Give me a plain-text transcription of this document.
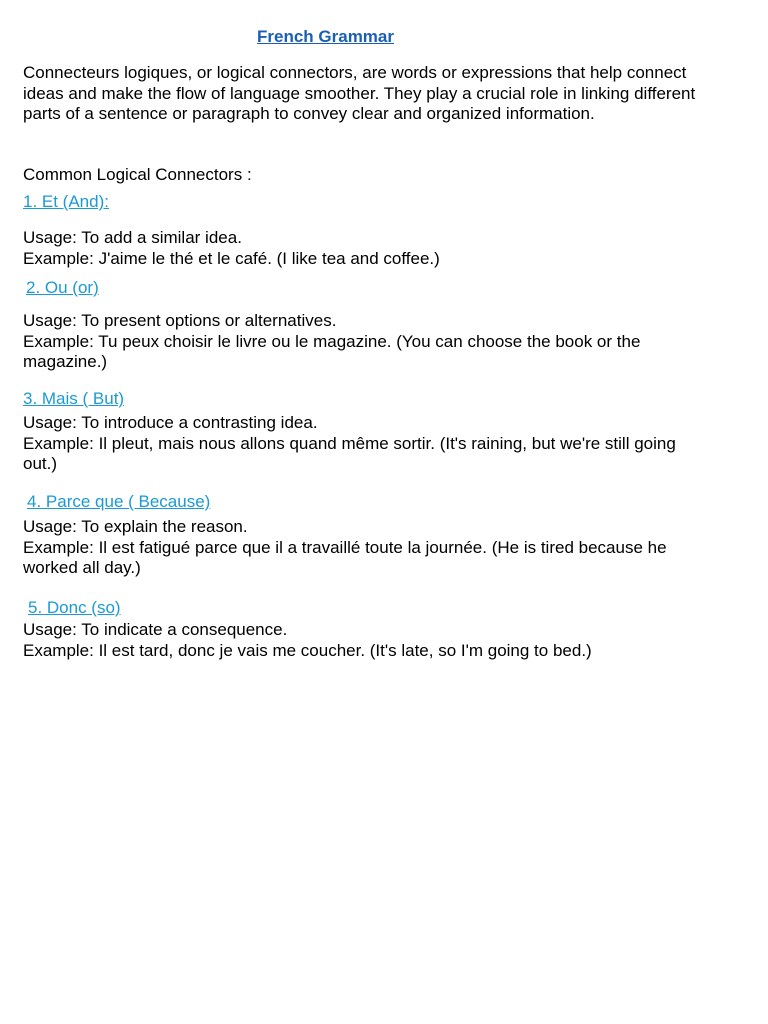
French Grammar
Connecteurs logiques, or logical connectors, are words or expressions that help connect ideas and make the flow of language smoother. They play a crucial role in linking different parts of a sentence or paragraph to convey clear and organized information.
Common Logical Connectors :
1. Et (And):
Usage: To add a similar idea.
Example: J'aime le thé et le café. (I like tea and coffee.)
2. Ou (or)
Usage: To present options or alternatives.
Example: Tu peux choisir le livre ou le magazine. (You can choose the book or the magazine.)
3. Mais ( But)
Usage: To introduce a contrasting idea.
Example: Il pleut, mais nous allons quand même sortir. (It's raining, but we're still going out.)
4. Parce que ( Because)
Usage: To explain the reason.
Example: Il est fatigué parce que il a travaillé toute la journée. (He is tired because he worked all day.)
5. Donc (so)
Usage: To indicate a consequence.
Example: Il est tard, donc je vais me coucher. (It's late, so I'm going to bed.)
